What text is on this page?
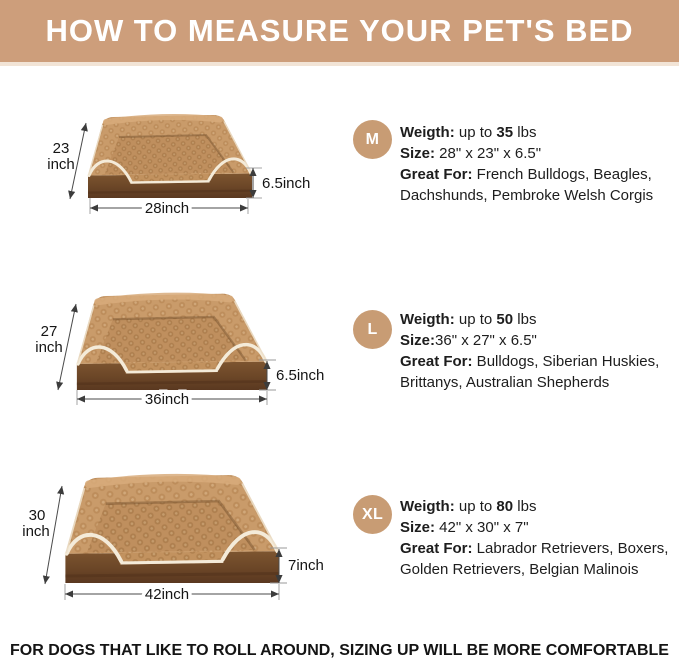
HOW TO MEASURE YOUR PET'S BED
23
inch
28inch
6.5inch
M	Weigth: up to 35 lbs

Size: 28" x 23" x 6.5"

Great For: French Bulldogs, Beagles, Dachshunds, Pembroke Welsh Corgis

27
inch
36inch
6.5inch
L

Weigth: up to 50 lbs

Size:36" x 27" x 6.5"

Great For: Bulldogs, Siberian Huskies, Brittanys, Australian Shepherds

30
inch
42inch
7inch
XL	Weigth: up to 80 lbs

Size: 42" x 30" x 7"

Great For: Labrador Retrievers, Boxers, Golden Retrievers, Belgian Malinois

FOR DOGS THAT LIKE TO ROLL AROUND, SIZING UP WILL BE MORE COMFORTABLE
